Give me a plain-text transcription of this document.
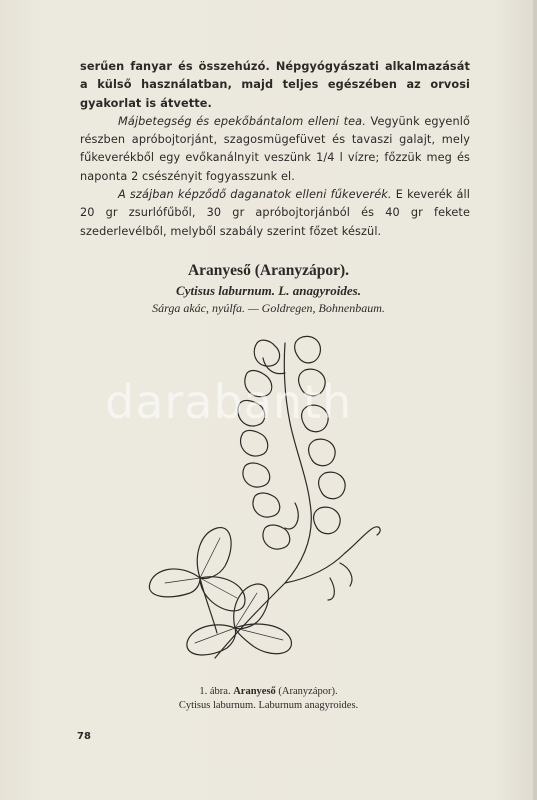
serűen fanyar és összehúzó. Népgyógyászati alkalmazását a külső használatban, majd teljes egészében az orvosi gyakorlat is átvette.

Májbetegség és epekőbántalom elleni tea. Vegyünk egyenlő részben apróbojtorjánt, szagosmügefüvet és tavaszi galajt, mely fűkeverékből egy evőkanálnyit veszünk 1/4 l vízre; főzzük meg és naponta 2 csészényit fogyasszunk el.

A szájban képződő daganatok elleni fűkeverék. E keverék áll 20 gr zsurlófűből, 30 gr apróbojtorjánból és 40 gr fekete szederlevélből, melyből szabály szerint főzet készül.

Aranyeső (Aranyzápor).
Cytisus laburnum. L. anagyroides.
Sárga akác, nyúlfa. — Goldregen, Bohnenbaum.
1. ábra. Aranyeső (Aranyzápor).
Cytisus laburnum. Laburnum anagyroides.
78
darabanth
